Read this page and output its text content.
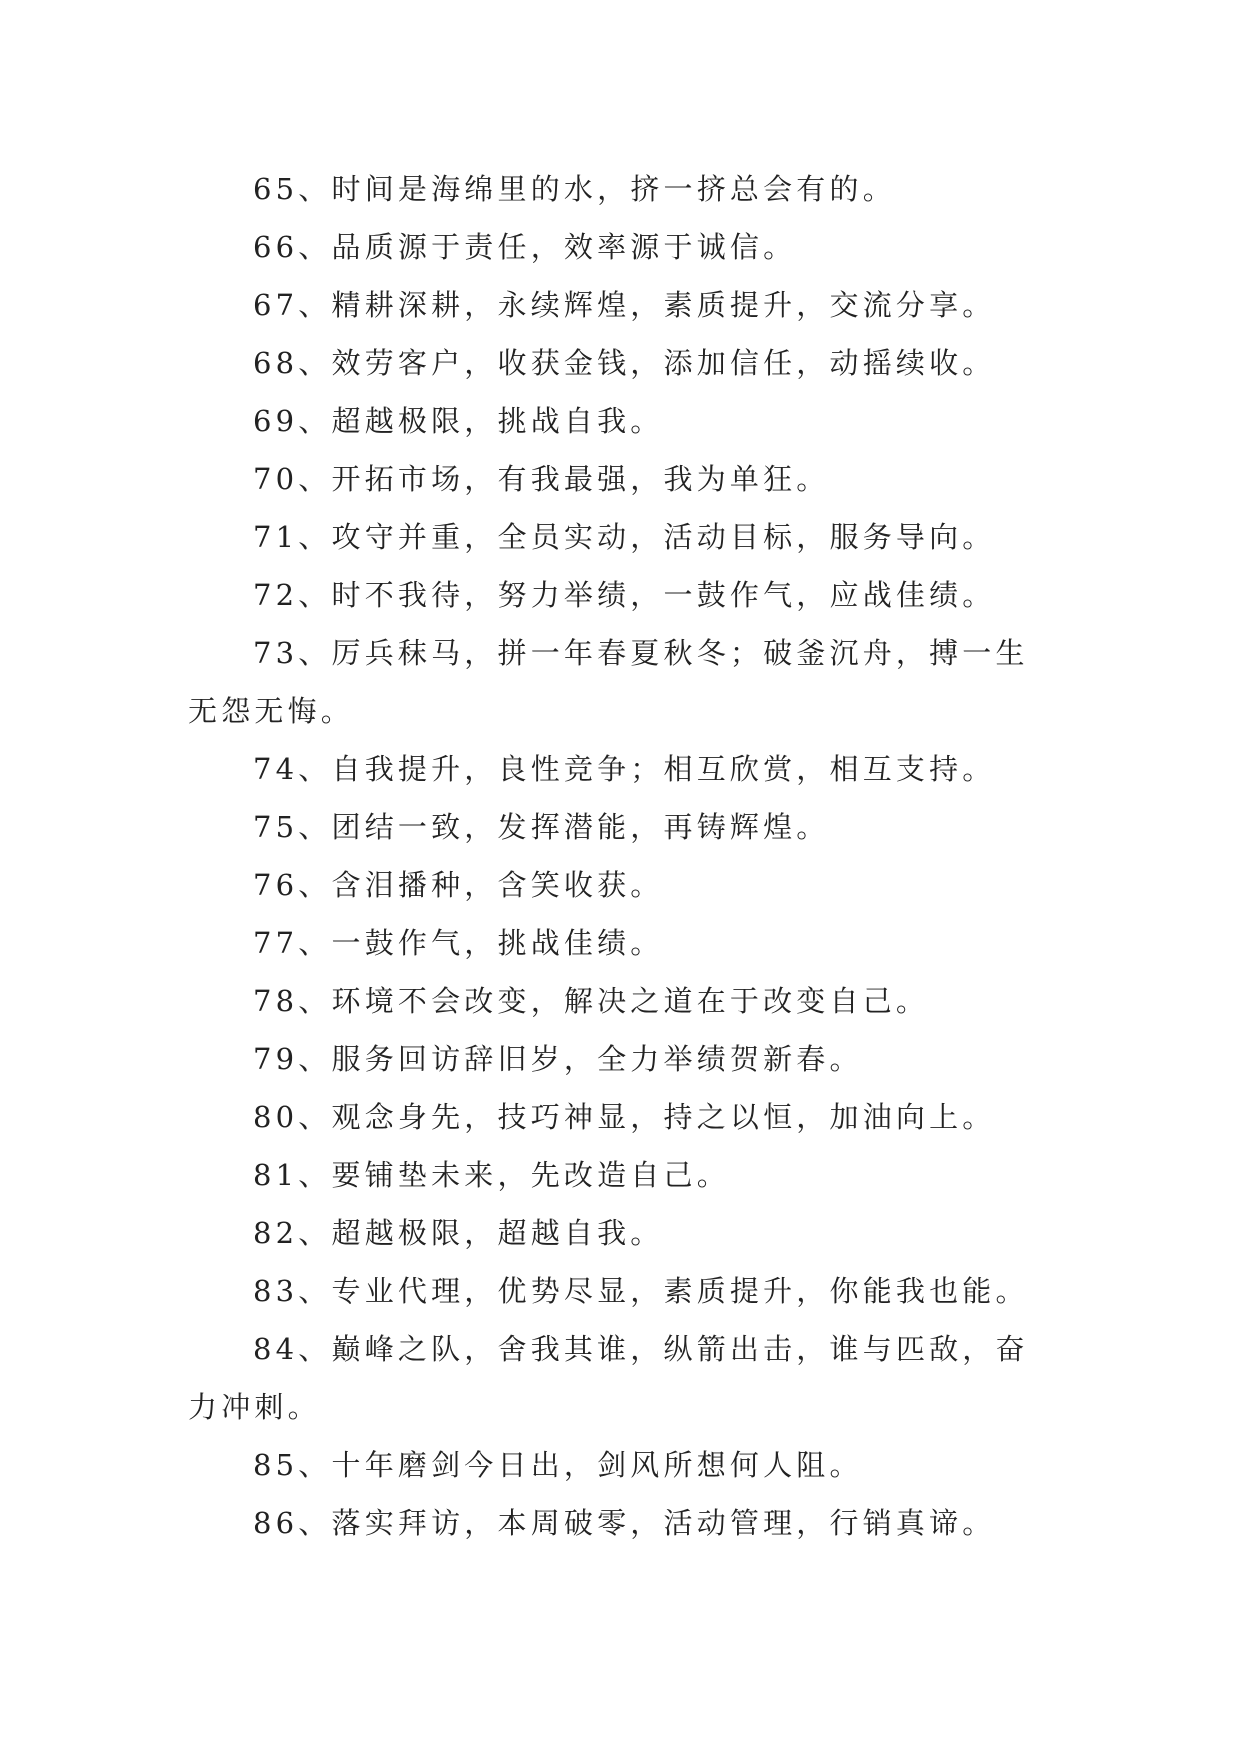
65、时间是海绵里的水，挤一挤总会有的。

66、品质源于责任，效率源于诚信。

67、精耕深耕，永续辉煌，素质提升，交流分享。

68、效劳客户，收获金钱，添加信任，动摇续收。

69、超越极限，挑战自我。

70、开拓市场，有我最强，我为单狂。

71、攻守并重，全员实动，活动目标，服务导向。

72、时不我待，努力举绩，一鼓作气，应战佳绩。

73、厉兵秣马，拼一年春夏秋冬；破釜沉舟，搏一生无怨无悔。

74、自我提升，良性竞争；相互欣赏，相互支持。

75、团结一致，发挥潜能，再铸辉煌。

76、含泪播种，含笑收获。

77、一鼓作气，挑战佳绩。

78、环境不会改变，解决之道在于改变自己。

79、服务回访辞旧岁，全力举绩贺新春。

80、观念身先，技巧神显，持之以恒，加油向上。

81、要铺垫未来，先改造自己。

82、超越极限，超越自我。

83、专业代理，优势尽显，素质提升，你能我也能。

84、巅峰之队，舍我其谁，纵箭出击，谁与匹敌，奋力冲刺。

85、十年磨剑今日出，剑风所想何人阻。

86、落实拜访，本周破零，活动管理，行销真谛。
